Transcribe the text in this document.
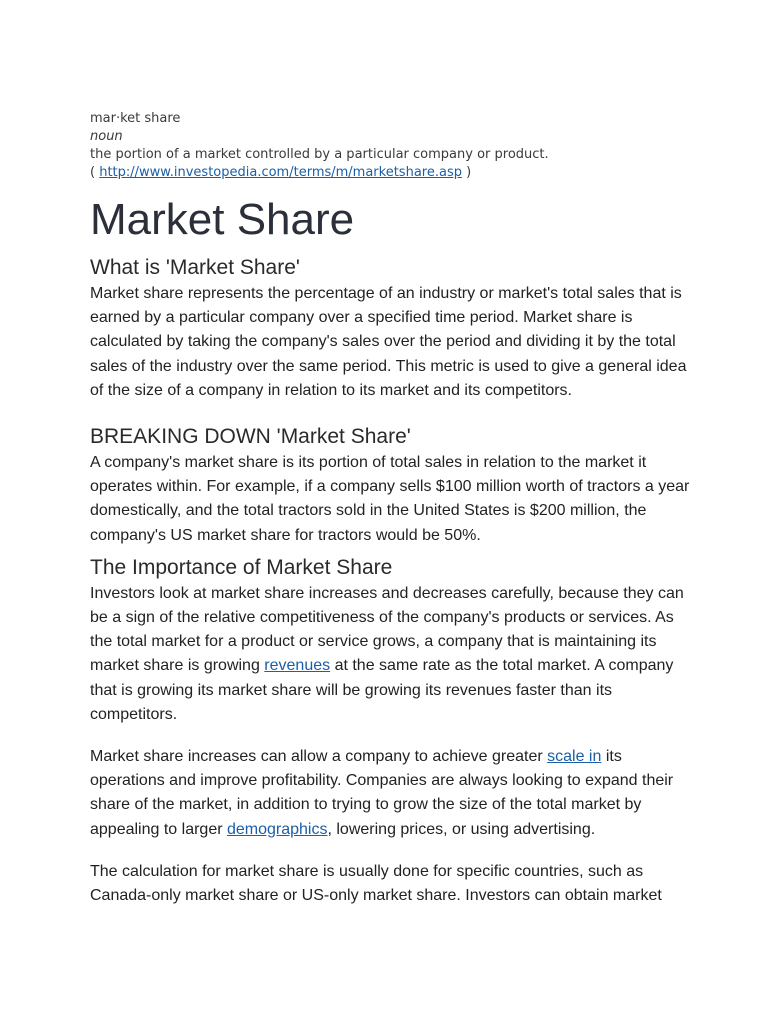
mar·ket share
noun
the portion of a market controlled by a particular company or product.
( http://www.investopedia.com/terms/m/marketshare.asp )
Market Share
What is 'Market Share'

Market share represents the percentage of an industry or market's total sales that is earned by a particular company over a specified time period. Market share is calculated by taking the company's sales over the period and dividing it by the total sales of the industry over the same period. This metric is used to give a general idea of the size of a company in relation to its market and its competitors.

BREAKING DOWN 'Market Share'

A company's market share is its portion of total sales in relation to the market it operates within. For example, if a company sells $100 million worth of tractors a year domestically, and the total tractors sold in the United States is $200 million, the company's US market share for tractors would be 50%.

The Importance of Market Share

Investors look at market share increases and decreases carefully, because they can be a sign of the relative competitiveness of the company's products or services. As the total market for a product or service grows, a company that is maintaining its market share is growing revenues at the same rate as the total market. A company that is growing its market share will be growing its revenues faster than its competitors.

Market share increases can allow a company to achieve greater scale in its operations and improve profitability. Companies are always looking to expand their share of the market, in addition to trying to grow the size of the total market by appealing to larger demographics, lowering prices, or using advertising.

The calculation for market share is usually done for specific countries, such as Canada-only market share or US-only market share. Investors can obtain market
